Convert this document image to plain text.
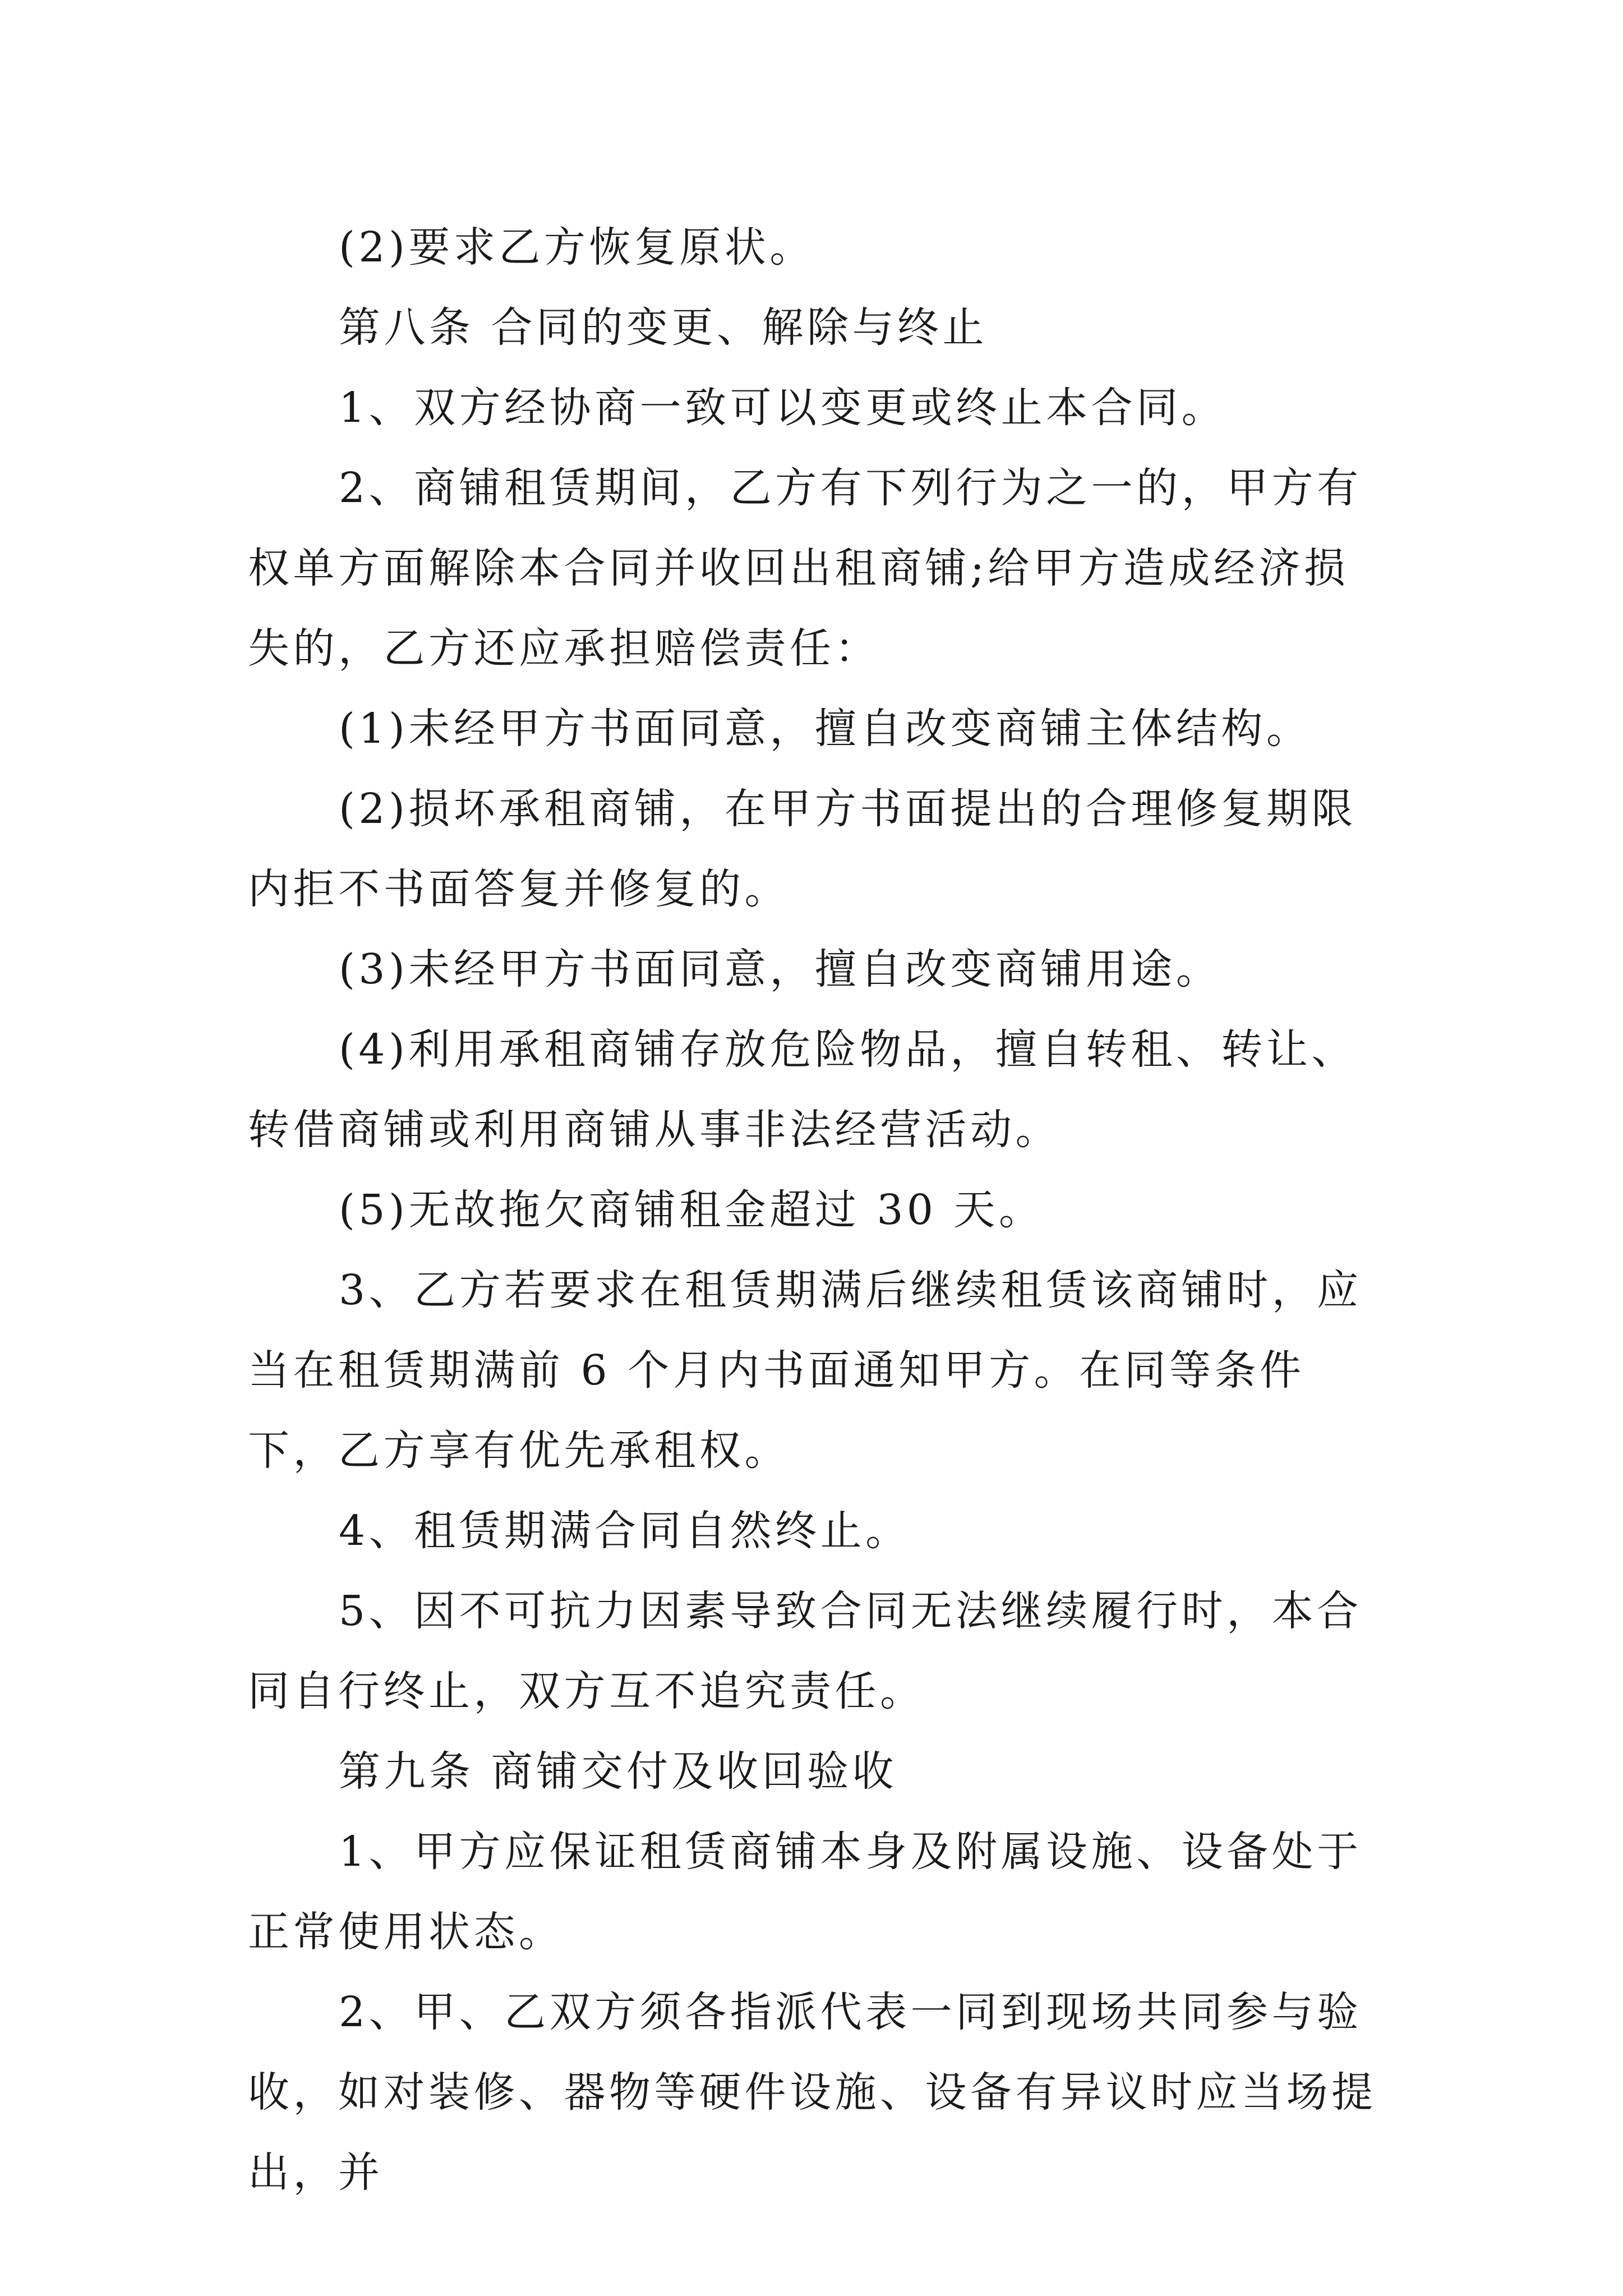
(2)要求乙方恢复原状。

第八条 合同的变更、解除与终止

1、双方经协商一致可以变更或终止本合同。

2、商铺租赁期间，乙方有下列行为之一的，甲方有权单方面解除本合同并收回出租商铺;给甲方造成经济损失的，乙方还应承担赔偿责任：

(1)未经甲方书面同意，擅自改变商铺主体结构。

(2)损坏承租商铺，在甲方书面提出的合理修复期限内拒不书面答复并修复的。

(3)未经甲方书面同意，擅自改变商铺用途。

(4)利用承租商铺存放危险物品，擅自转租、转让、转借商铺或利用商铺从事非法经营活动。

(5)无故拖欠商铺租金超过 30 天。

3、乙方若要求在租赁期满后继续租赁该商铺时，应当在租赁期满前 6 个月内书面通知甲方。在同等条件下，乙方享有优先承租权。

4、租赁期满合同自然终止。

5、因不可抗力因素导致合同无法继续履行时，本合同自行终止，双方互不追究责任。

第九条 商铺交付及收回验收

1、甲方应保证租赁商铺本身及附属设施、设备处于正常使用状态。

2、甲、乙双方须各指派代表一同到现场共同参与验收，如对装修、器物等硬件设施、设备有异议时应当场提出，并
